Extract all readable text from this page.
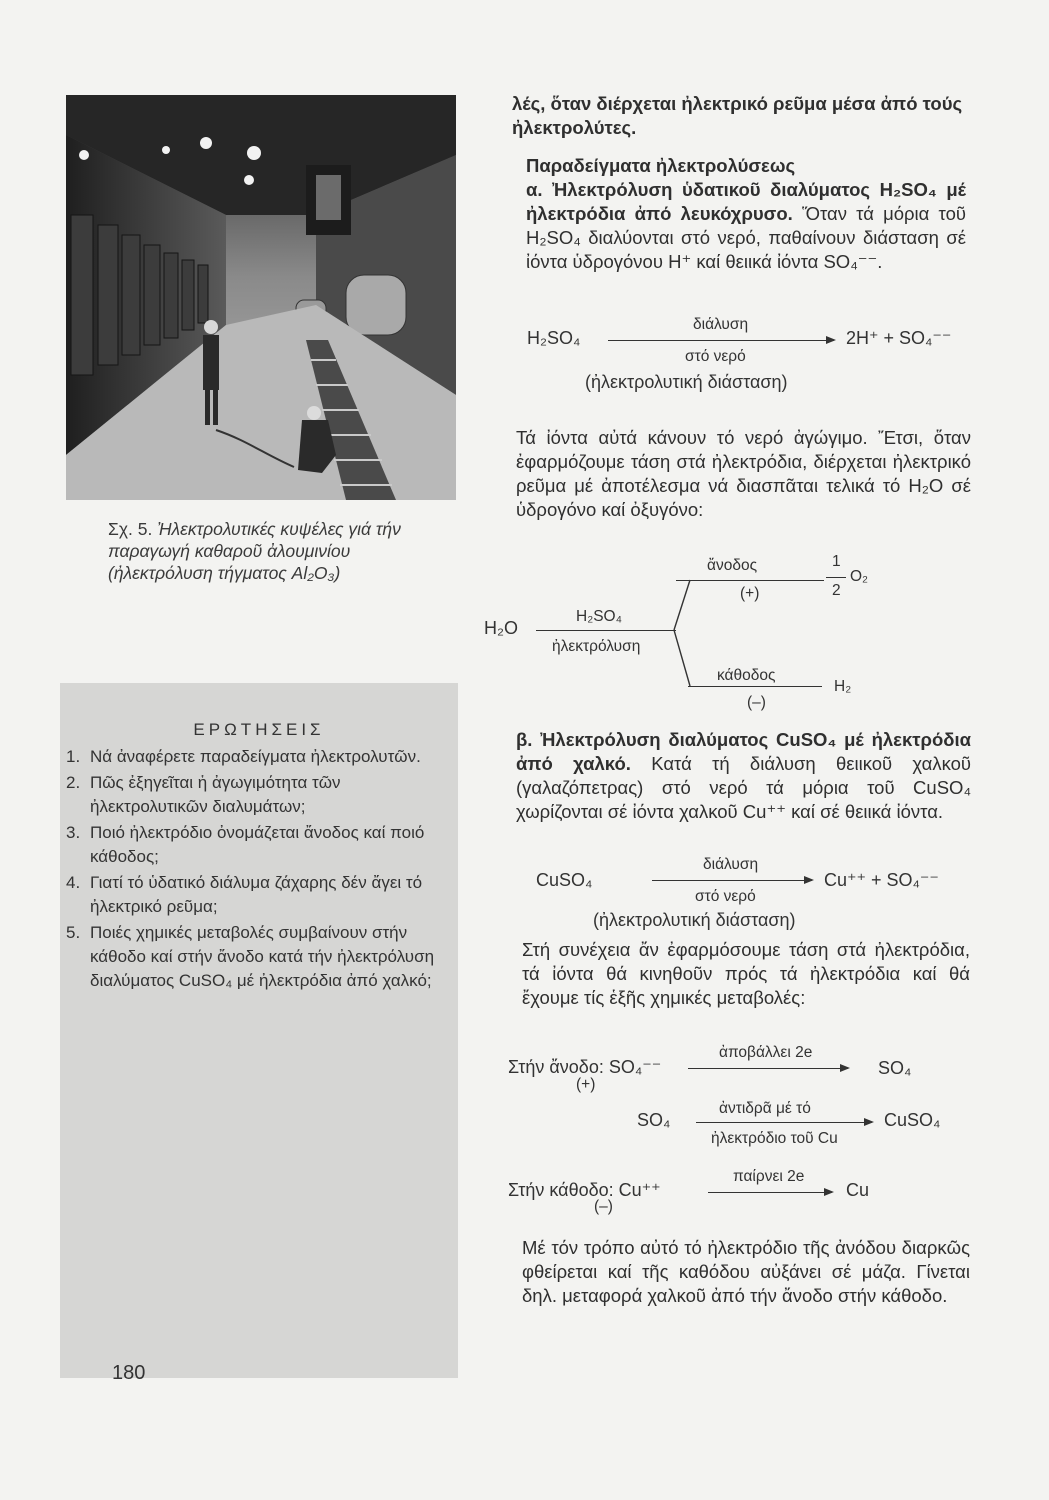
Σχ. 5. Ἠλεκτρολυτικές κυψέλες γιά τήν παραγωγή καθαροῦ ἀλουμινίου (ἠλεκτρόλυση τήγματος Al₂O₃)
ΕΡΩΤΗΣΕΙΣ
1. Νά ἀναφέρετε παραδείγματα ἠλεκτρολυτῶν.
2. Πῶς ἐξηγεῖται ἡ ἀγωγιμότητα τῶν ἠλεκτρολυτικῶν διαλυμάτων;
3. Ποιό ἠλεκτρόδιο ὀνομάζεται ἄνοδος καί ποιό κάθοδος;
4. Γιατί τό ὑδατικό διάλυμα ζάχαρης δέν ἄγει τό ἠλεκτρικό ρεῦμα;
5. Ποιές χημικές μεταβολές συμβαίνουν στήν κάθοδο καί στήν ἄνοδο κατά τήν ἠλεκτρόλυση διαλύματος CuSO₄ μέ ἠλεκτρόδια ἀπό χαλκό;
180

λές, ὅταν διέρχεται ἠλεκτρικό ρεῦμα μέσα ἀπό τούς ἠλεκτρολύτες.

Παραδείγματα ἠλεκτρολύσεως

α. Ἠλεκτρόλυση ὑδατικοῦ διαλύματος H₂SO₄ μέ ἠλεκτρόδια ἀπό λευκόχρυσο. Ὅταν τά μόρια τοῦ H₂SO₄ διαλύονται στό νερό, παθαίνουν διάσταση σέ ἰόντα ὑδρογόνου H⁺ καί θειικά ἰόντα SO₄⁻⁻.

H₂SO₄
διάλυση
στό νερό
2H⁺ + SO₄⁻⁻
(ἠλεκτρολυτική διάσταση)

Τά ἰόντα αὐτά κάνουν τό νερό ἀγώγιμο. Ἔτσι, ὅταν ἐφαρμόζουμε τάση στά ἠλεκτρόδια, διέρχεται ἠλεκτρικό ρεῦμα μέ ἀποτέλεσμα νά διασπᾶται τελικά τό H₂O σέ ὑδρογόνο καί ὀξυγόνο:

ἄνοδος	1
2
O₂
(+)
H₂O
H₂SO₄
ἠλεκτρόλυση
κάθοδος
H₂
(–)

β. Ἠλεκτρόλυση διαλύματος CuSO₄ μέ ἠλεκτρόδια ἀπό χαλκό. Κατά τή διάλυση θειικοῦ χαλκοῦ (γαλαζόπετρας) στό νερό τά μόρια τοῦ CuSO₄ χωρίζονται σέ ἰόντα χαλκοῦ Cu⁺⁺ καί σέ θειικά ἰόντα.

CuSO₄
διάλυση
στό νερό
Cu⁺⁺ + SO₄⁻⁻
(ἠλεκτρολυτική διάσταση)

Στή συνέχεια ἄν ἐφαρμόσουμε τάση στά ἠλεκτρόδια, τά ἰόντα θά κινηθοῦν πρός τά ἠλεκτρόδια καί θά ἔχουμε τίς ἑξῆς χημικές μεταβολές:

Στήν ἄνοδο: SO₄⁻⁻
ἀποβάλλει 2e
SO₄
(+)
SO₄
ἀντιδρᾶ μέ τό
ἠλεκτρόδιο τοῦ Cu
CuSO₄
Στήν κάθοδο: Cu⁺⁺
παίρνει 2e
Cu
(–)

Μέ τόν τρόπο αὐτό τό ἠλεκτρόδιο τῆς ἀνόδου διαρκῶς φθείρεται καί τῆς καθόδου αὐξάνει σέ μάζα. Γίνεται δηλ. μεταφορά χαλκοῦ ἀπό τήν ἄνοδο στήν κάθοδο.
